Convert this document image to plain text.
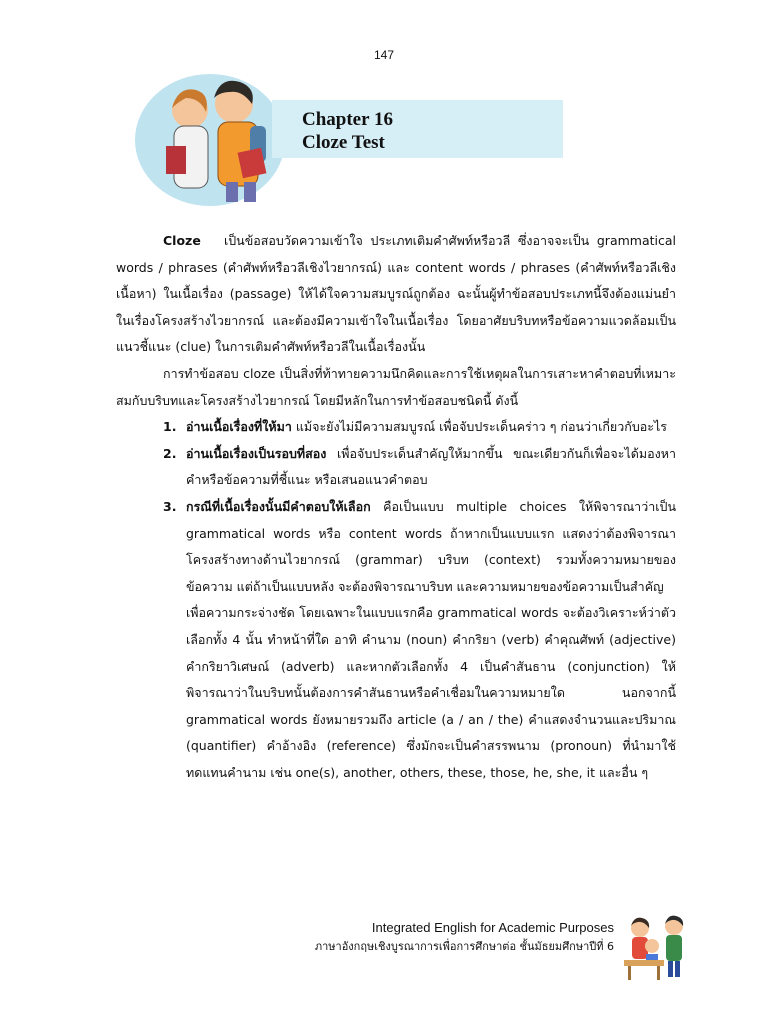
147
Chapter 16
Cloze Test

Cloze เป็นข้อสอบวัดความเข้าใจ ประเภทเติมคำศัพท์หรือวลี ซึ่งอาจจะเป็น grammatical words / phrases (คำศัพท์หรือวลีเชิงไวยากรณ์) และ content words / phrases (คำศัพท์หรือวลีเชิงเนื้อหา) ในเนื้อเรื่อง (passage) ให้ได้ใจความสมบูรณ์ถูกต้อง ฉะนั้นผู้ทำข้อสอบประเภทนี้จึงต้องแม่นยำในเรื่องโครงสร้างไวยากรณ์ และต้องมีความเข้าใจในเนื้อเรื่อง โดยอาศัยบริบทหรือข้อความแวดล้อมเป็นแนวชี้แนะ (clue) ในการเติมคำศัพท์หรือวลีในเนื้อเรื่องนั้น

การทำข้อสอบ cloze เป็นสิ่งที่ท้าทายความนึกคิดและการใช้เหตุผลในการเสาะหาคำตอบที่เหมาะสมกับบริบทและโครงสร้างไวยากรณ์ โดยมีหลักในการทำข้อสอบชนิดนี้ ดังนี้

1. อ่านเนื้อเรื่องที่ให้มา แม้จะยังไม่มีความสมบูรณ์ เพื่อจับประเด็นคร่าว ๆ ก่อนว่าเกี่ยวกับอะไร
2. อ่านเนื้อเรื่องเป็นรอบที่สอง เพื่อจับประเด็นสำคัญให้มากขึ้น ขณะเดียวกันก็เพื่อจะได้มองหาคำหรือข้อความที่ชี้แนะ หรือเสนอแนวคำตอบ
3. กรณีที่เนื้อเรื่องนั้นมีคำตอบให้เลือก คือเป็นแบบ multiple choices ให้พิจารณาว่าเป็น grammatical words หรือ content words ถ้าหากเป็นแบบแรก แสดงว่าต้องพิจารณาโครงสร้างทางด้านไวยากรณ์ (grammar) บริบท (context) รวมทั้งความหมายของข้อความ แต่ถ้าเป็นแบบหลัง จะต้องพิจารณาบริบท และความหมายของข้อความเป็นสำคัญ

เพื่อความกระจ่างชัด โดยเฉพาะในแบบแรกคือ grammatical words จะต้องวิเคราะห์ว่าตัวเลือกทั้ง 4 นั้น ทำหน้าที่ใด อาทิ คำนาม (noun) คำกริยา (verb) คำคุณศัพท์ (adjective) คำกริยาวิเศษณ์ (adverb) และหากตัวเลือกทั้ง 4 เป็นคำสันธาน (conjunction) ให้พิจารณาว่าในบริบทนั้นต้องการคำสันธานหรือคำเชื่อมในความหมายใด นอกจากนี้ grammatical words ยังหมายรวมถึง article (a / an / the) คำแสดงจำนวนและปริมาณ (quantifier) คำอ้างอิง (reference) ซึ่งมักจะเป็นคำสรรพนาม (pronoun) ที่นำมาใช้ทดแทนคำนาม เช่น one(s), another, others, these, those, he, she, it และอื่น ๆ

Integrated English for Academic Purposes
ภาษาอังกฤษเชิงบูรณาการเพื่อการศึกษาต่อ ชั้นมัธยมศึกษาปีที่ 6
